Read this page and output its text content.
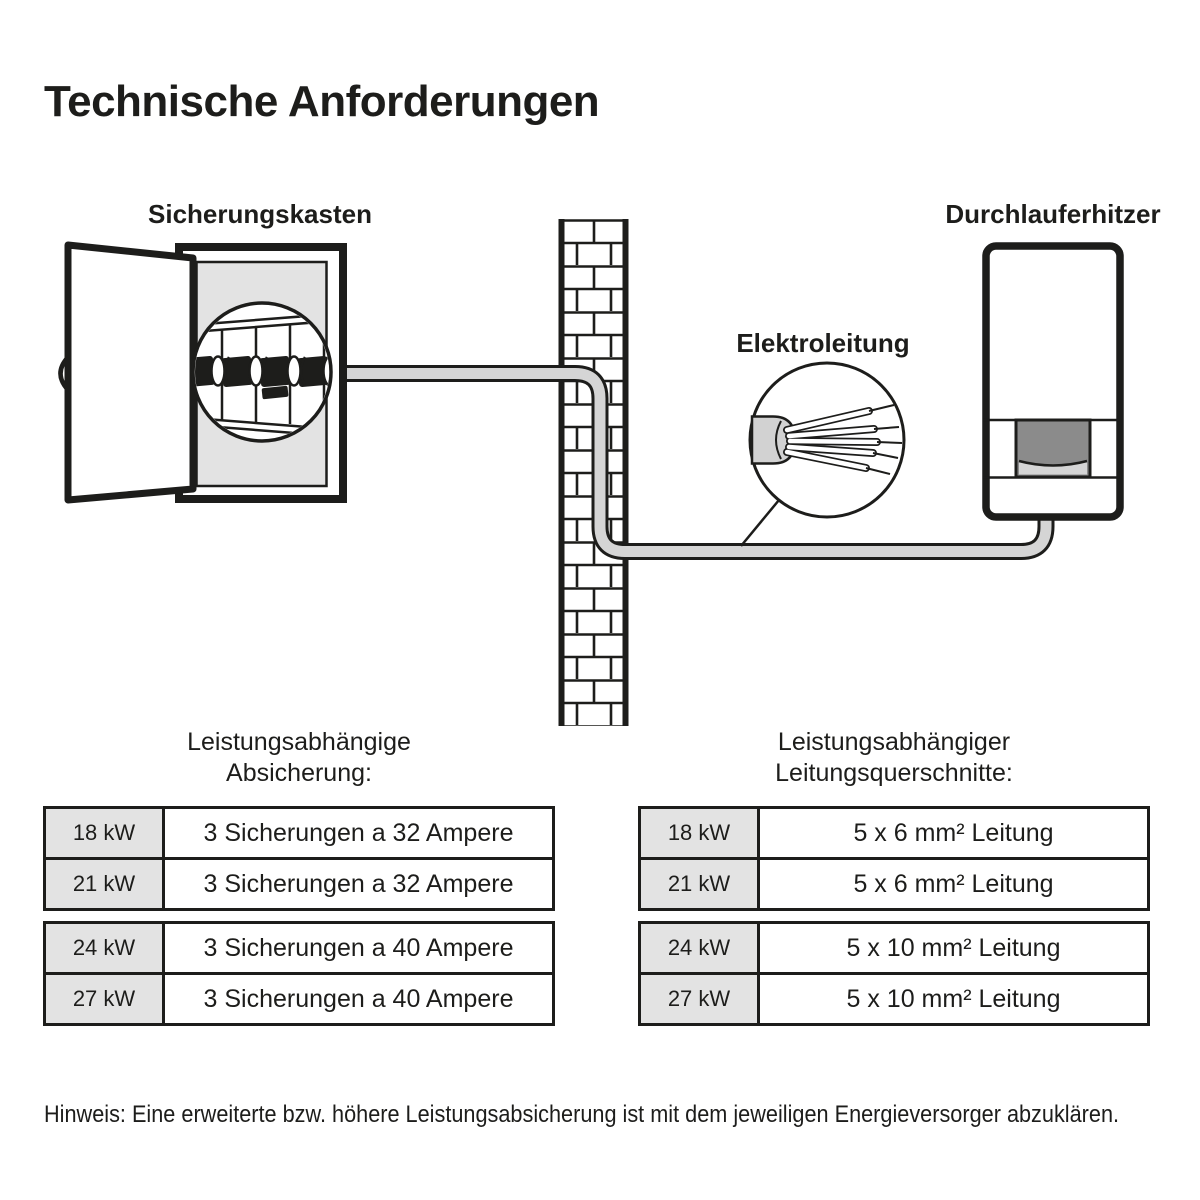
Technische Anforderungen
Sicherungskasten	Durchlauferhitzer
Elektroleitung
Leistungsabhängige
Absicherung:
Leistungsabhängiger
Leitungsquerschnitte:
18 kW	3 Sicherungen a 32 Ampere
21 kW	3 Sicherungen a 32 Ampere
24 kW	3 Sicherungen a 40 Ampere
27 kW	3 Sicherungen a 40 Ampere
18 kW	5 x 6 mm² Leitung
21 kW	5 x 6 mm² Leitung
24 kW	5 x 10 mm² Leitung
27 kW	5 x 10 mm² Leitung
Hinweis: Eine erweiterte bzw. höhere Leistungsabsicherung ist mit dem jeweiligen Energieversorger abzuklären.
